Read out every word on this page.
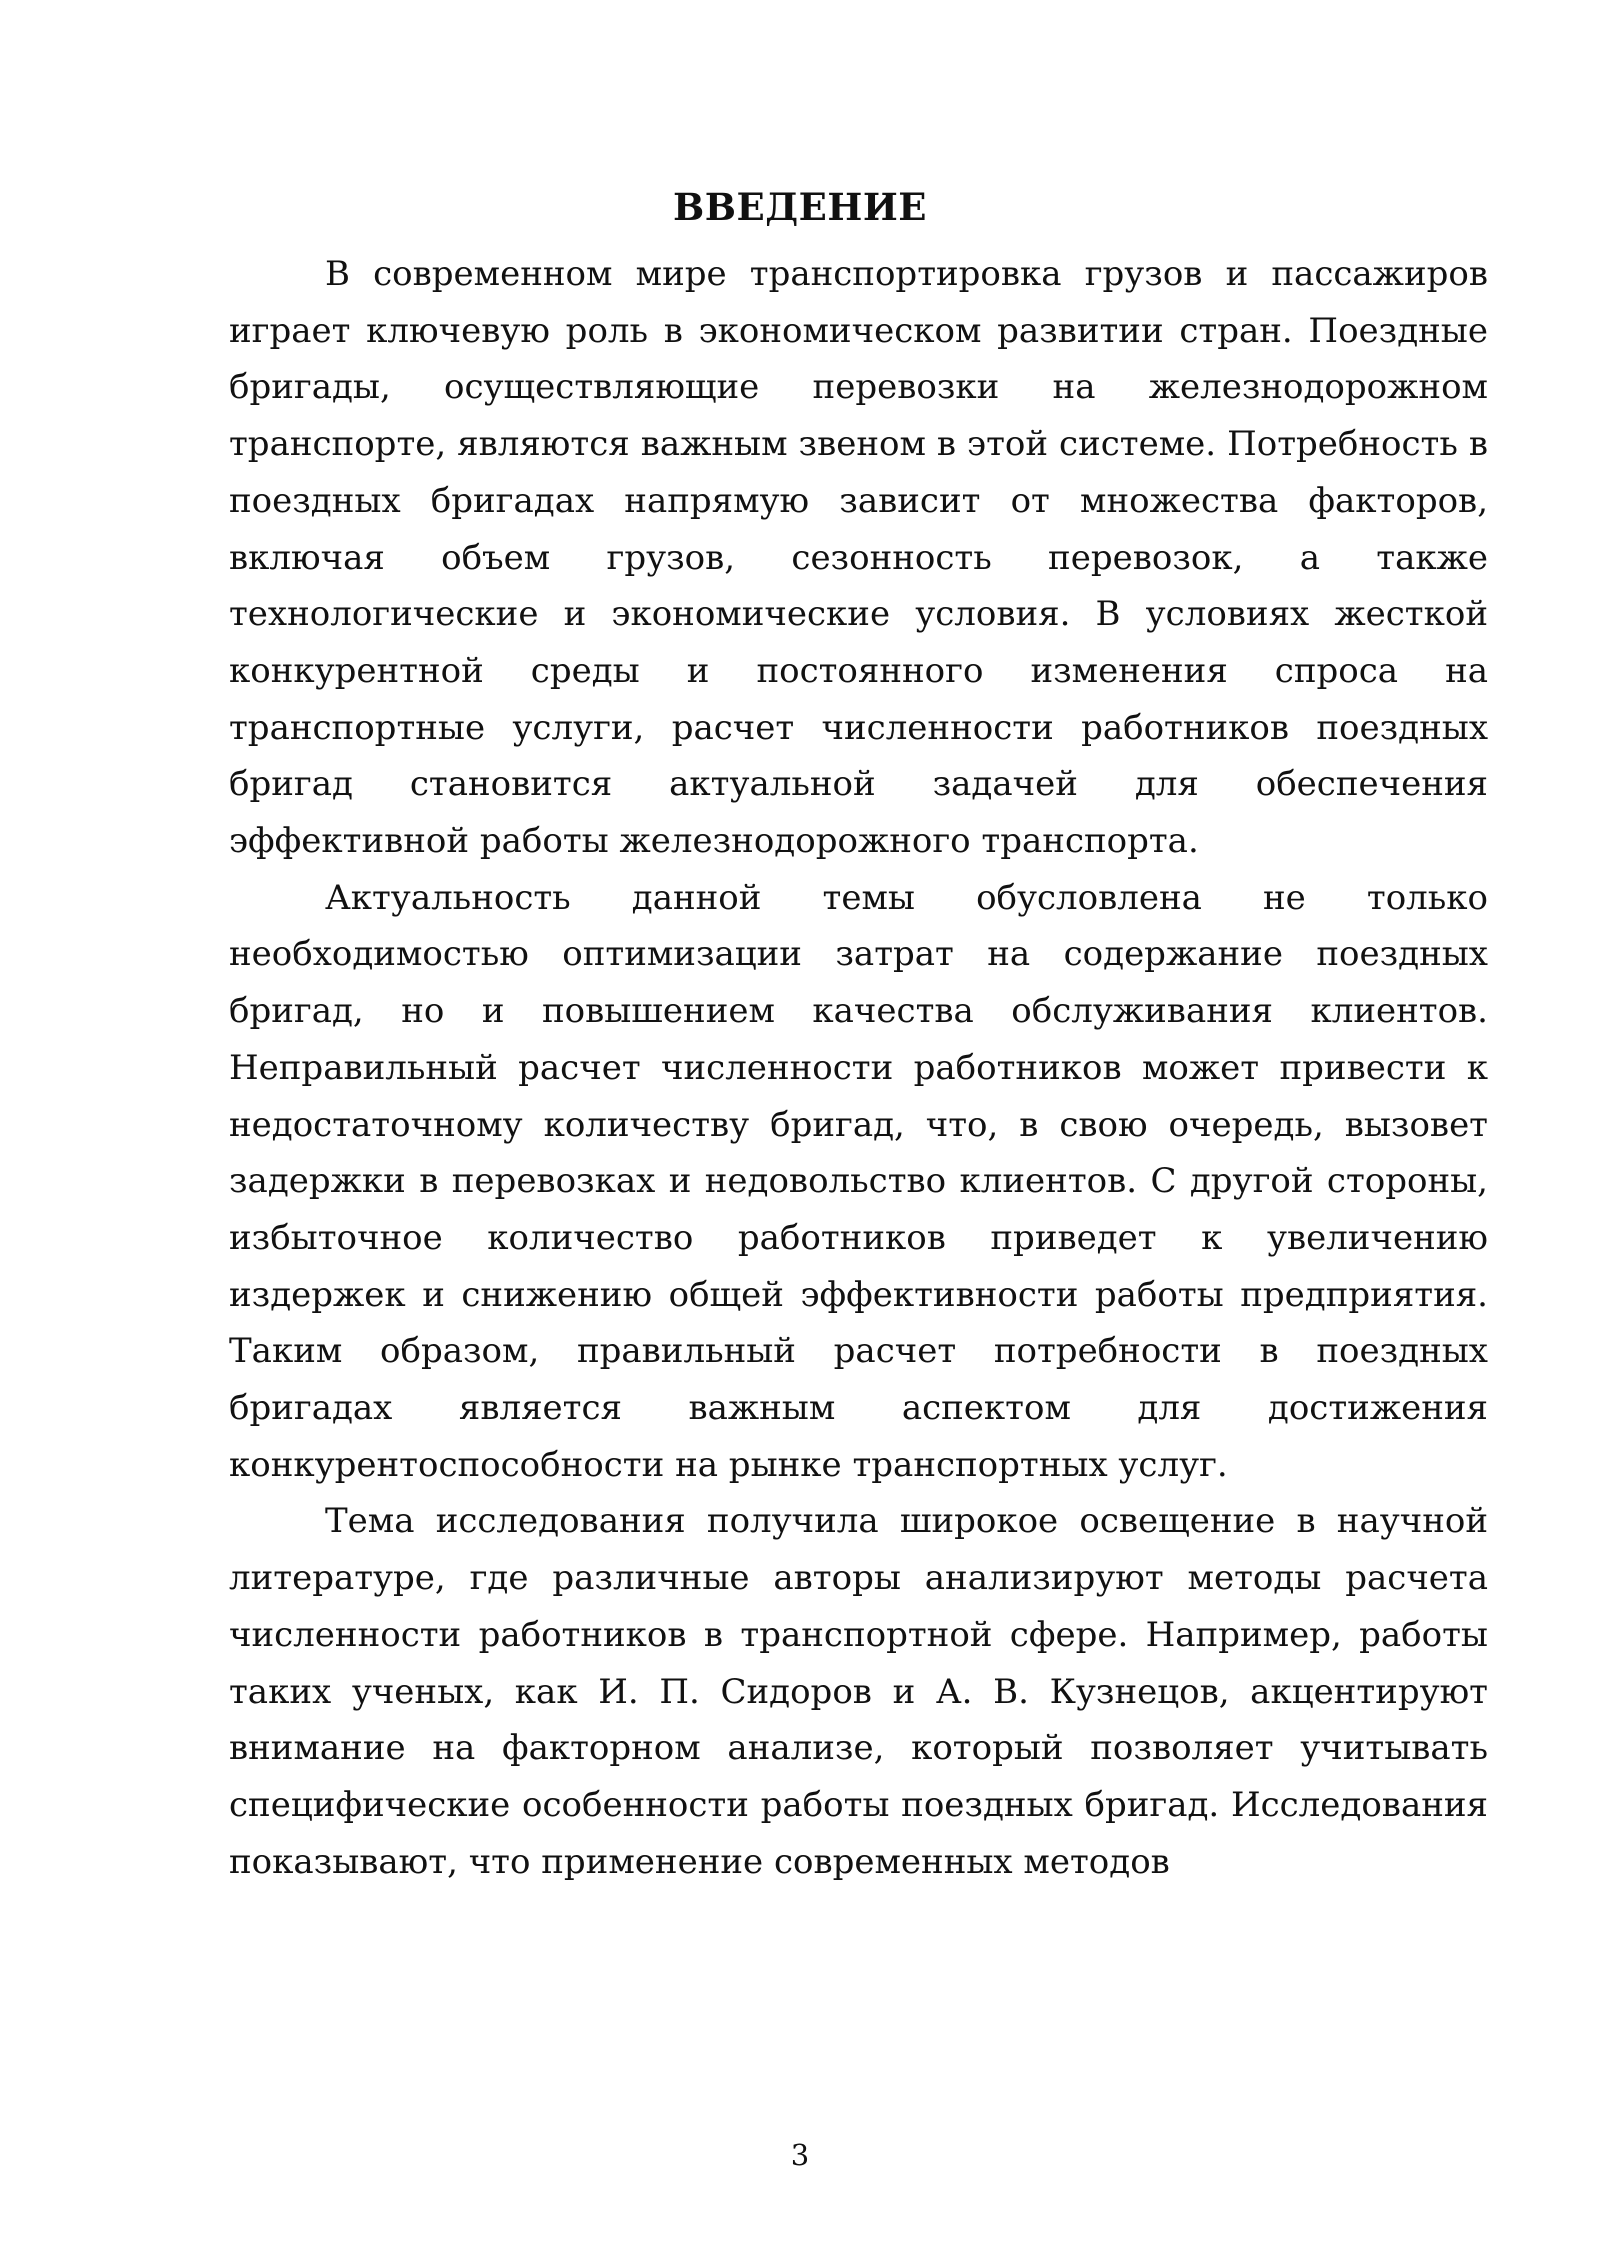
ВВЕДЕНИЕ

В современном мире транспортировка грузов и пассажиров играет ключевую роль в экономическом развитии стран. Поездные бригады, осуществляющие перевозки на железнодорожном транспорте, являются важным звеном в этой системе. Потребность в поездных бригадах напрямую зависит от множества факторов, включая объем грузов, сезонность перевозок, а также технологические и экономические условия. В условиях жесткой конкурентной среды и постоянного изменения спроса на транспортные услуги, расчет численности работников поездных бригад становится актуальной задачей для обеспечения эффективной работы железнодорожного транспорта.

Актуальность данной темы обусловлена не только необходимостью оптимизации затрат на содержание поездных бригад, но и повышением качества обслуживания клиентов. Неправильный расчет численности работников может привести к недостаточному количеству бригад, что, в свою очередь, вызовет задержки в перевозках и недовольство клиентов. С другой стороны, избыточное количество работников приведет к увеличению издержек и снижению общей эффективности работы предприятия. Таким образом, правильный расчет потребности в поездных бригадах является важным аспектом для достижения конкурентоспособности на рынке транспортных услуг.

Тема исследования получила широкое освещение в научной литературе, где различные авторы анализируют методы расчета численности работников в транспортной сфере. Например, работы таких ученых, как И. П. Сидоров и А. В. Кузнецов, акцентируют внимание на факторном анализе, который позволяет учитывать специфические особенности работы поездных бригад. Исследования показывают, что применение современных методов

3
